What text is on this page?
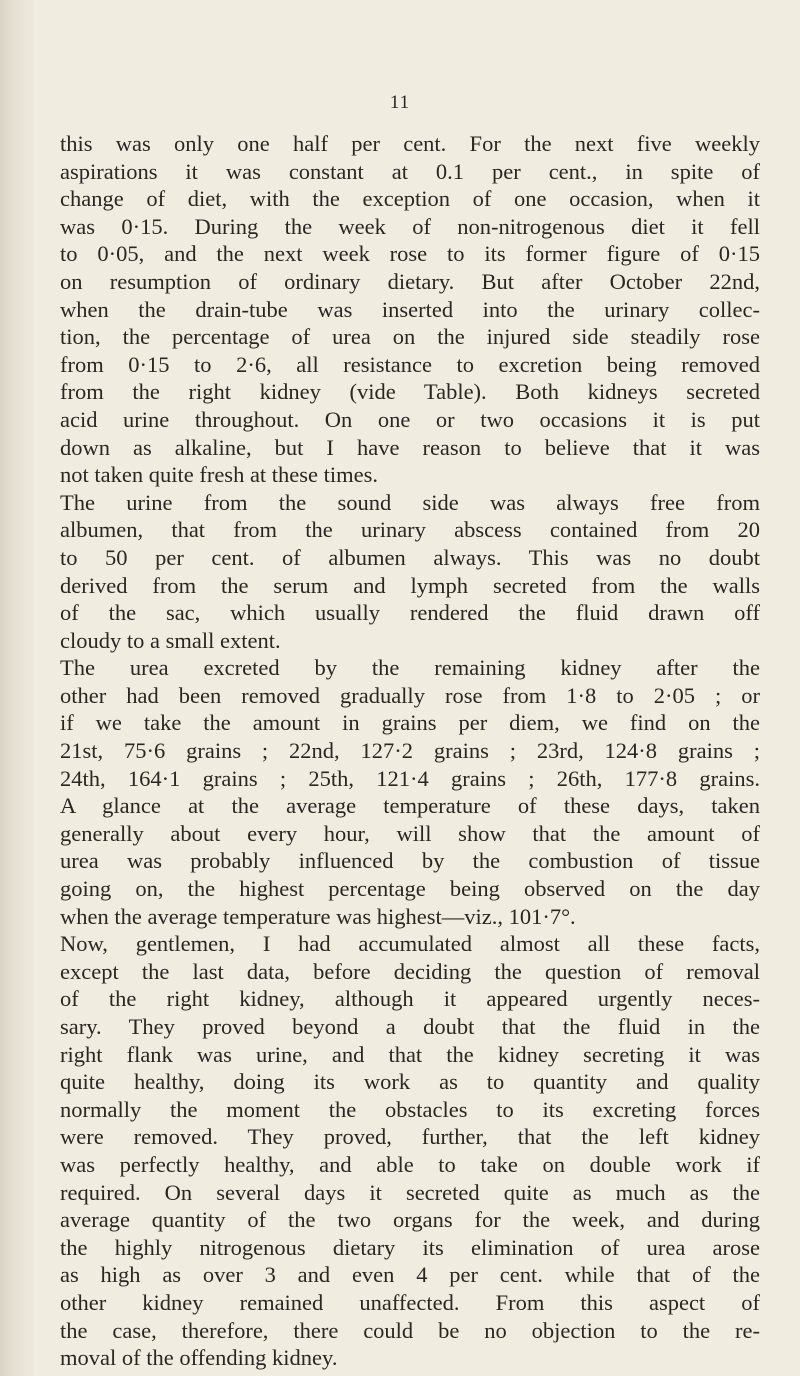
11
this was only one half per cent. For the next five weekly
aspirations it was constant at 0.1 per cent., in spite of
change of diet, with the exception of one occasion, when it
was 0·15. During the week of non-nitrogenous diet it fell
to 0·05, and the next week rose to its former figure of 0·15
on resumption of ordinary dietary. But after October 22nd,
when the drain-tube was inserted into the urinary collec-
tion, the percentage of urea on the injured side steadily rose
from 0·15 to 2·6, all resistance to excretion being removed
from the right kidney (vide Table). Both kidneys secreted
acid urine throughout. On one or two occasions it is put
down as alkaline, but I have reason to believe that it was
not taken quite fresh at these times.
The urine from the sound side was always free from
albumen, that from the urinary abscess contained from 20
to 50 per cent. of albumen always. This was no doubt
derived from the serum and lymph secreted from the walls
of the sac, which usually rendered the fluid drawn off
cloudy to a small extent.
The urea excreted by the remaining kidney after the
other had been removed gradually rose from 1·8 to 2·05 ; or
if we take the amount in grains per diem, we find on the
21st, 75·6 grains ; 22nd, 127·2 grains ; 23rd, 124·8 grains ;
24th, 164·1 grains ; 25th, 121·4 grains ; 26th, 177·8 grains.
A glance at the average temperature of these days, taken
generally about every hour, will show that the amount of
urea was probably influenced by the combustion of tissue
going on, the highest percentage being observed on the day
when the average temperature was highest—viz., 101·7°.
Now, gentlemen, I had accumulated almost all these facts,
except the last data, before deciding the question of removal
of the right kidney, although it appeared urgently neces-
sary. They proved beyond a doubt that the fluid in the
right flank was urine, and that the kidney secreting it was
quite healthy, doing its work as to quantity and quality
normally the moment the obstacles to its excreting forces
were removed. They proved, further, that the left kidney
was perfectly healthy, and able to take on double work if
required. On several days it secreted quite as much as the
average quantity of the two organs for the week, and during
the highly nitrogenous dietary its elimination of urea arose
as high as over 3 and even 4 per cent. while that of the
other kidney remained unaffected. From this aspect of
the case, therefore, there could be no objection to the re-
moval of the offending kidney.
